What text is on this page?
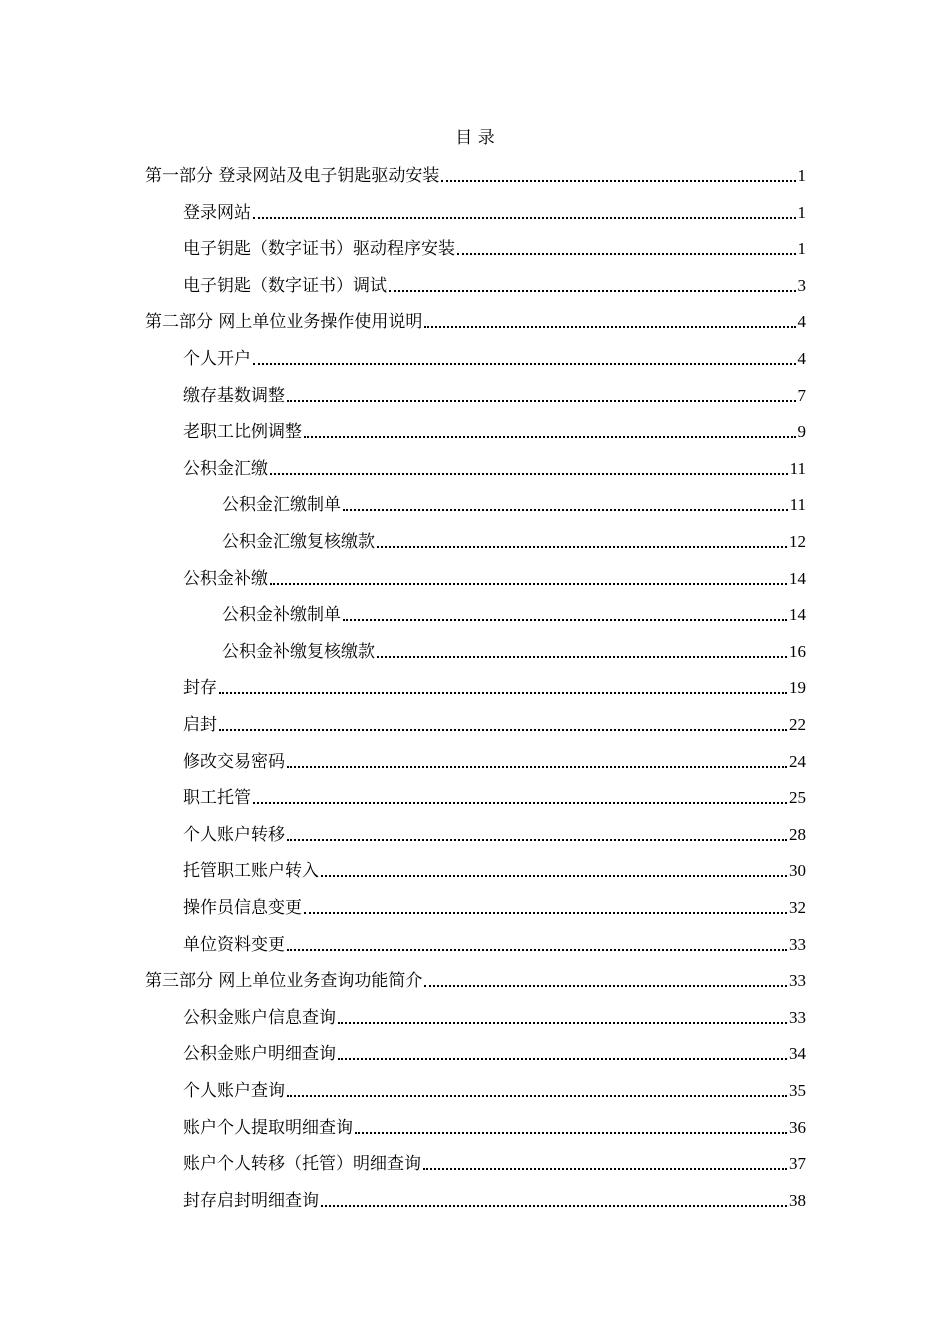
目 录
第一部分 登录网站及电子钥匙驱动安装	1
登录网站	1
电子钥匙（数字证书）驱动程序安装	1
电子钥匙（数字证书）调试	3
第二部分 网上单位业务操作使用说明	4
个人开户	4
缴存基数调整	7
老职工比例调整	9
公积金汇缴	11
公积金汇缴制单	11
公积金汇缴复核缴款	12
公积金补缴	14
公积金补缴制单	14
公积金补缴复核缴款	16
封存	19
启封	22
修改交易密码	24
职工托管	25
个人账户转移	28
托管职工账户转入	30
操作员信息变更	32
单位资料变更	33
第三部分 网上单位业务查询功能简介	33
公积金账户信息查询	33
公积金账户明细查询	34
个人账户查询	35
账户个人提取明细查询	36
账户个人转移（托管）明细查询	37
封存启封明细查询	38
